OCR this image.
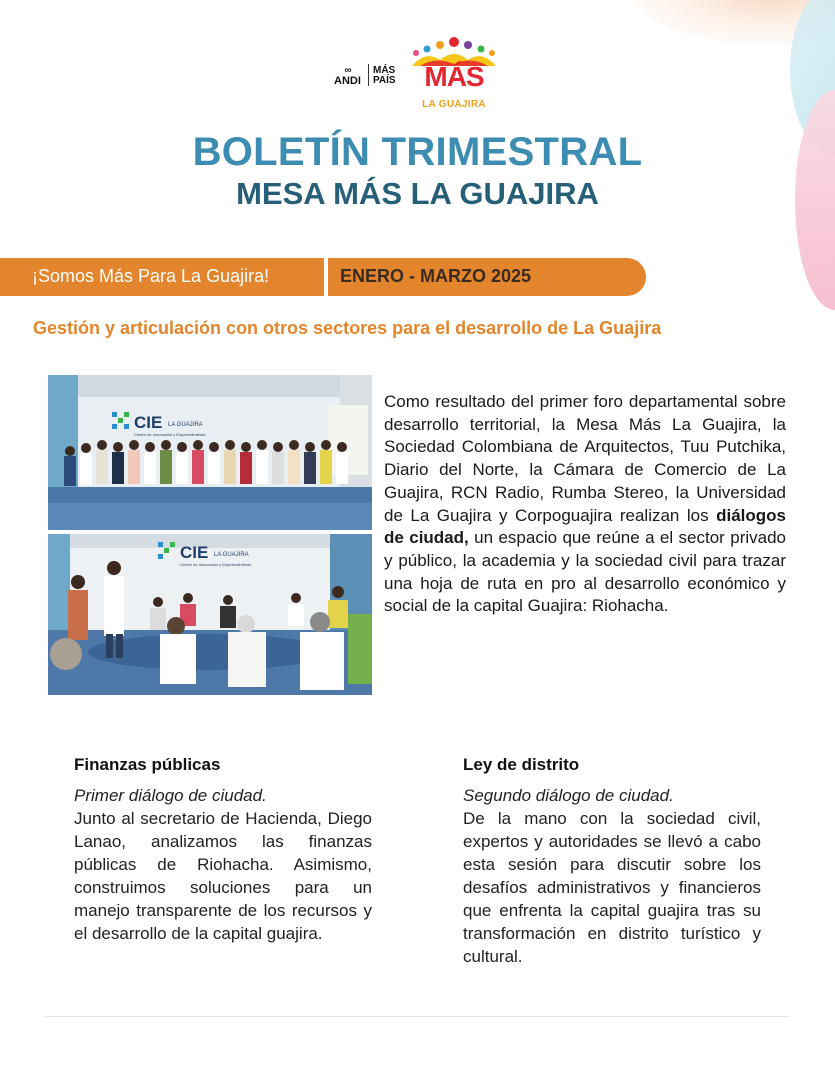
∞
ANDI
MÁS
PAÍS	MÁS
LA GUAJIRA
BOLETÍN TRIMESTRAL
MESA MÁS LA GUAJIRA
¡Somos Más Para La Guajira!	ENERO - MARZO 2025
Gestión y articulación con otros sectores para el desarrollo de La Guajira
CIE LA GUAJIRA
Centro de Innovación y Emprendimiento
CIE LA GUAJIRA
Centro de Innovación y Emprendimiento
Como resultado del primer foro departamental sobre desarrollo territorial, la Mesa Más La Guajira, la Sociedad Colombiana de Arquitectos, Tuu Putchika, Diario del Norte, la Cámara de Comercio de La Guajira, RCN Radio, Rumba Stereo, la Universidad de La Guajira y Corpoguajira realizan los diálogos de ciudad, un espacio que reúne a el sector privado y público, la academia y la sociedad civil para trazar una hoja de ruta en pro al desarrollo económico y social de la capital Guajira: Riohacha.
Finanzas públicas
Primer diálogo de ciudad.

Junto al secretario de Hacienda, Diego Lanao, analizamos las finanzas públicas de Riohacha. Asimismo, construimos soluciones para un manejo transparente de los recursos y el desarrollo de la capital guajira.

Ley de distrito
Segundo diálogo de ciudad.

De la mano con la sociedad civil, expertos y autoridades se llevó a cabo esta sesión para discutir sobre los desafíos administrativos y financieros que enfrenta la capital guajira tras su transformación en distrito turístico y cultural.
